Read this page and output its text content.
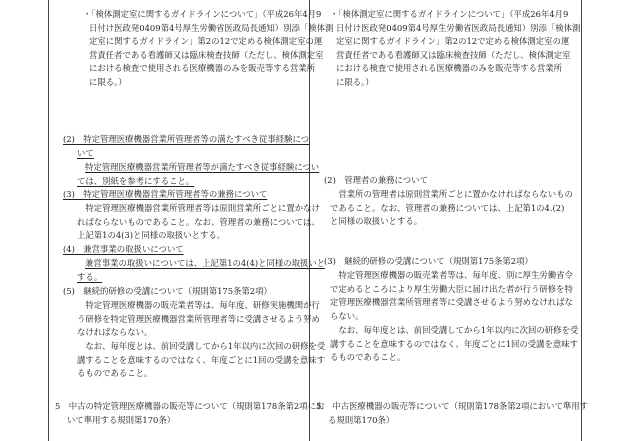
・「検体測定室に関するガイドラインについて」（平成26年4月9
日付け医政発0409第4号厚生労働省医政局長通知）別添「検体測
定室に関するガイドライン」第2の12で定める検体測定室の運
営責任者である看護師又は臨床検査技師（ただし、検体測定室
における検査で使用される医療機器のみを販売等する営業所
に限る。）
(2)　特定管理医療機器営業所管理者等の満たすべき従事経験につ
いて
特定管理医療機器営業所管理者等が満たすべき従事経験につい
ては、別紙を参考にすること。
(3)　特定管理医療機器営業所管理者等の兼務について
　特定管理医療機器営業所管理者等は原則営業所ごとに置かなけ
ればならないものであること。なお、管理者の兼務については、
上記第1の4(3)と同様の取扱いとする。
(4)　兼営事業の取扱いについて
兼営事業の取扱いについては、上記第1の4(4)と同様の取扱いと
する。
(5)　継続的研修の受講について（規則第175条第2項）
　特定管理医療機器の販売業者等は、毎年度、研修実施機関が行
う研修を特定管理医療機器営業所管理者等に受講させるよう努め
なければならない。
　なお、毎年度とは、前回受講してから1年以内に次回の研修を受
講することを意味するのではなく、年度ごとに1回の受講を意味す
るものであること。
5　中古の特定管理医療機器の販売等について（規則第178条第2項にお
いて準用する規則第170条）
・「検体測定室に関するガイドラインについて」（平成26年4月9
日付け医政発0409第4号厚生労働省医政局長通知）別添「検体測
定室に関するガイドライン」第2の12で定める検体測定室の運
営責任者である看護師又は臨床検査技師（ただし、検体測定室
における検査で使用される医療機器のみを販売等する営業所
に限る。）
(2)　管理者の兼務について
　営業所の管理者は原則営業所ごとに置かなければならないもの
であること。なお、管理者の兼務については、上記第1の4.(2)
と同様の取扱いとする。
(3)　継続的研修の受講について（規則第175条第2項）
　特定管理医療機器の販売業者等は、毎年度、別に厚生労働省令
で定めるところにより厚生労働大臣に届け出た者が行う研修を特
定管理医療機器営業所管理者等に受講させるよう努めなければな
らない。
　なお、毎年度とは、前回受講してから1年以内に次回の研修を受
講することを意味するのではなく、年度ごとに1回の受講を意味す
るものであること。
5.　中古医療機器の販売等について（規則第178条第2項において準用す
る規則第170条）
